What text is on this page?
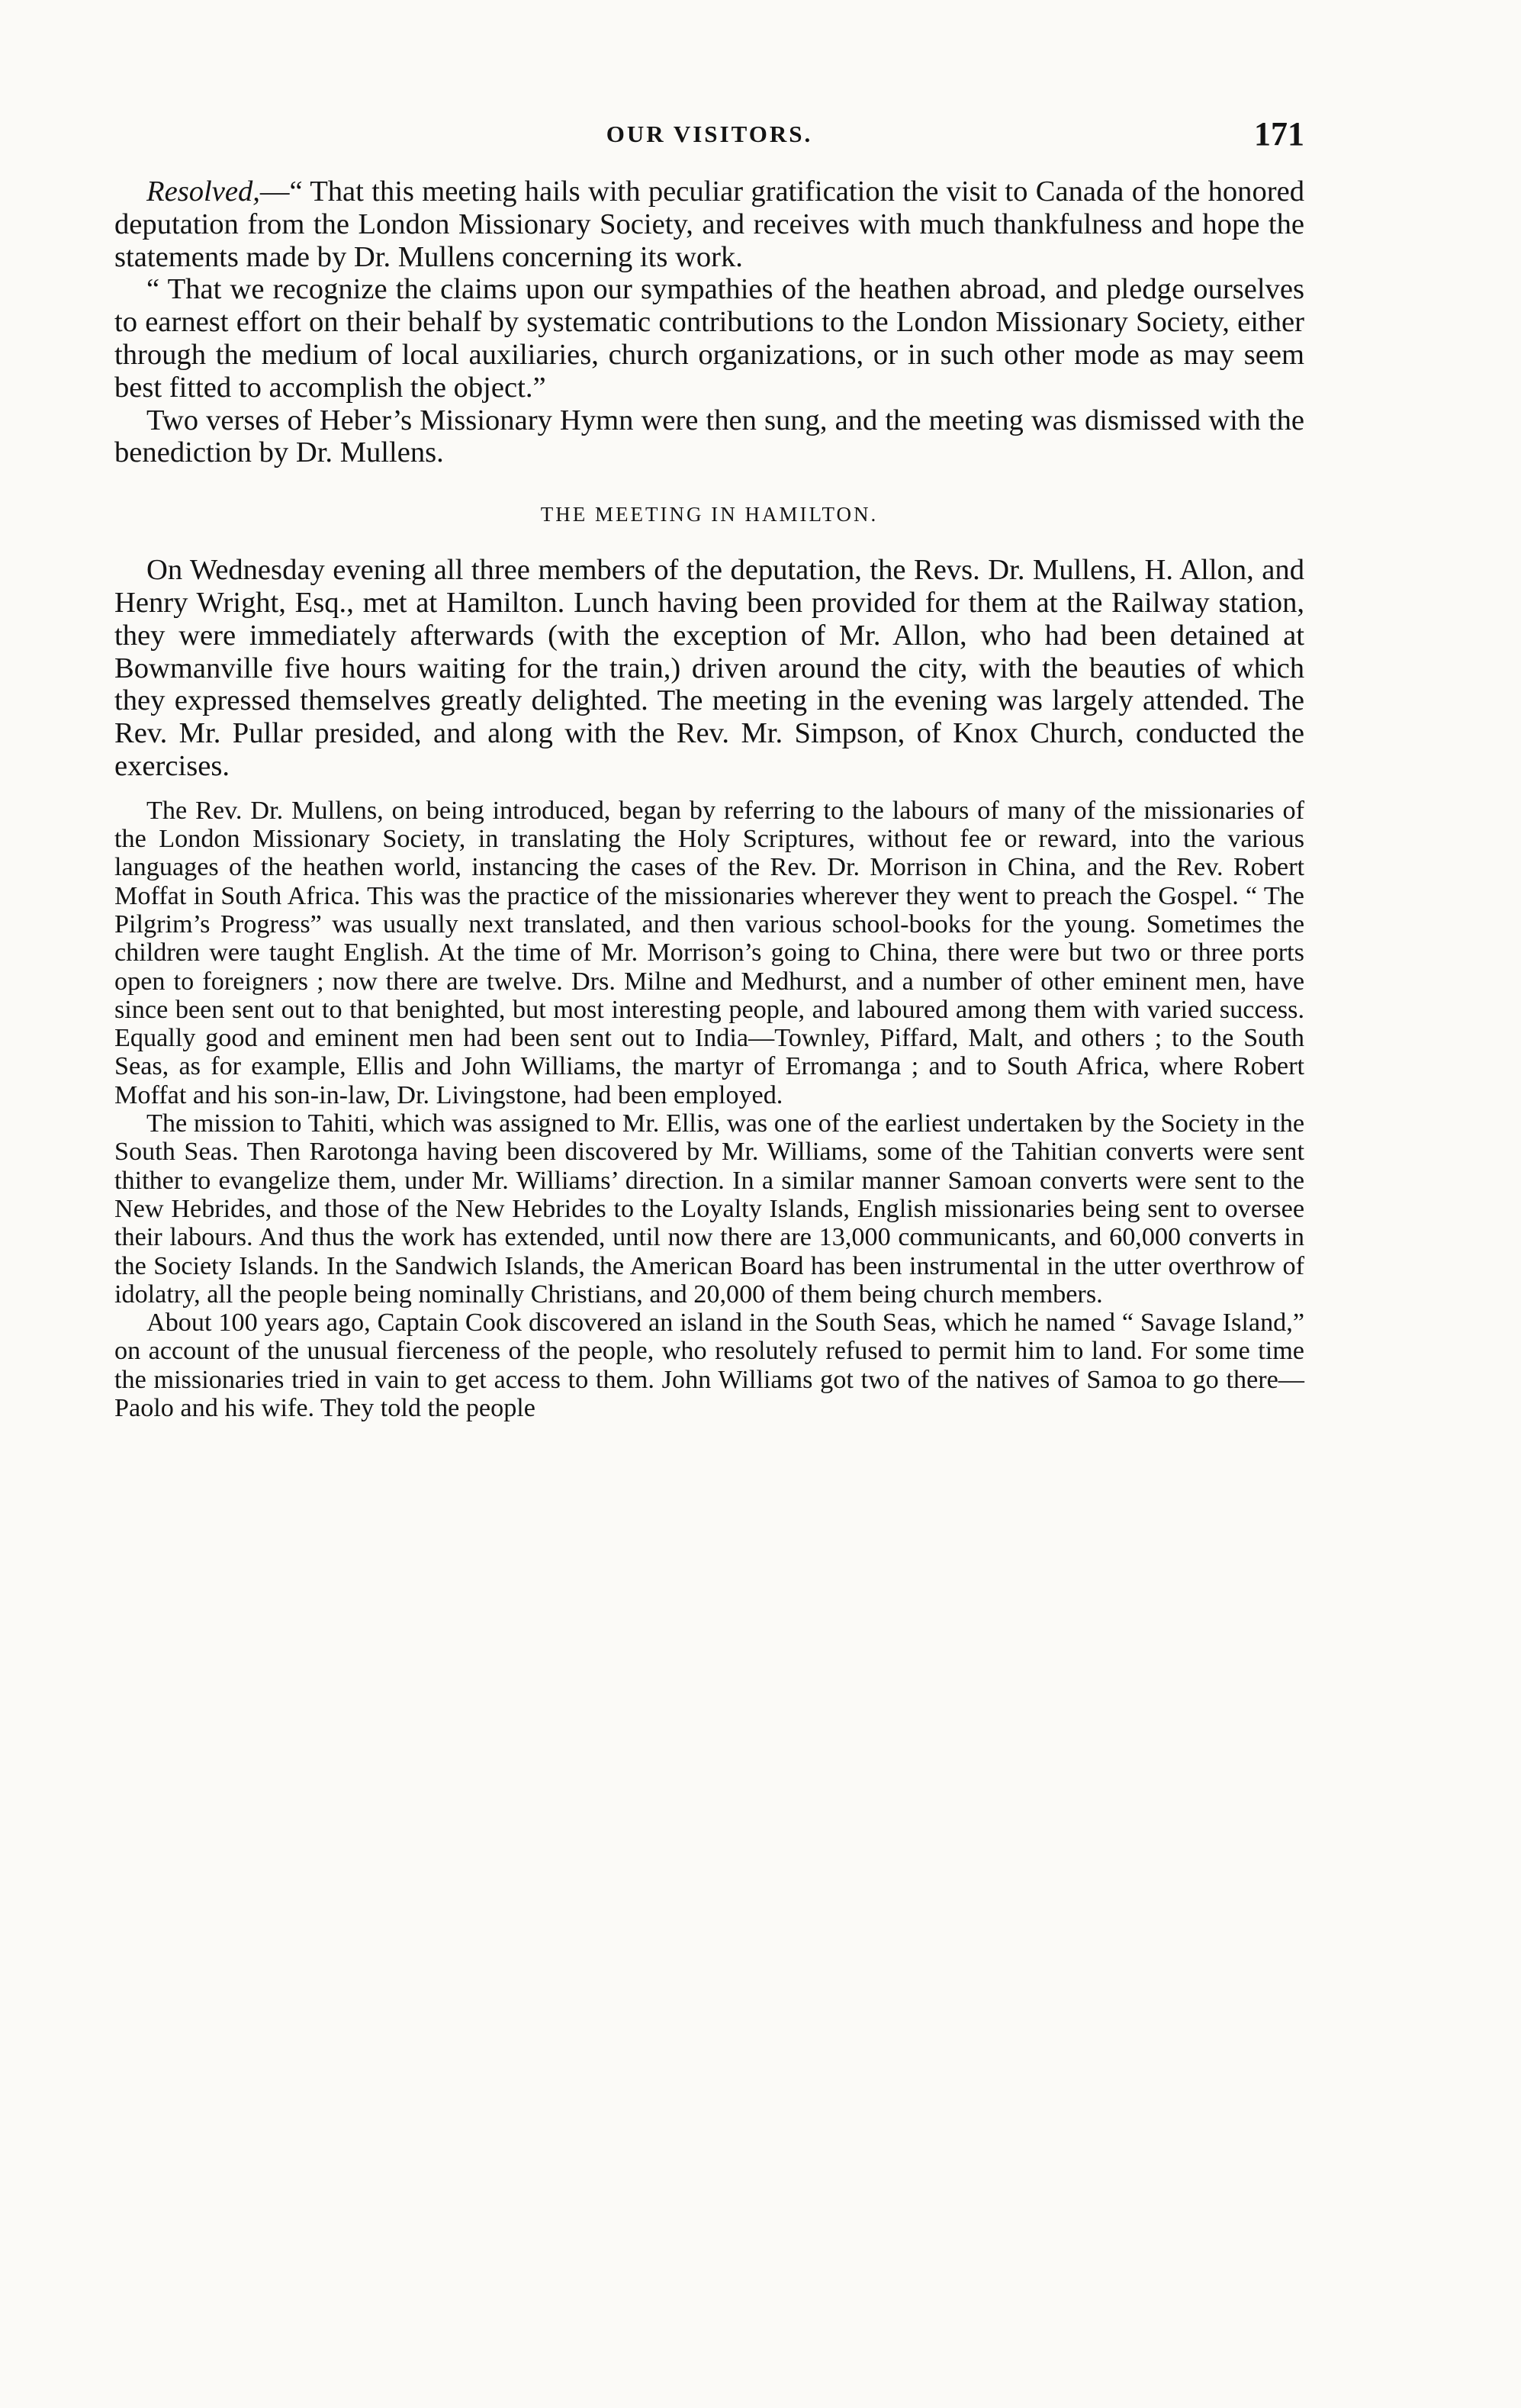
OUR VISITORS.	171

Resolved,—“ That this meeting hails with peculiar gratification the visit to Canada of the honored deputation from the London Missionary Society, and receives with much thankfulness and hope the statements made by Dr. Mullens concerning its work.

“ That we recognize the claims upon our sympathies of the heathen abroad, and pledge ourselves to earnest effort on their behalf by systematic contributions to the London Missionary Society, either through the medium of local auxiliaries, church organizations, or in such other mode as may seem best fitted to accomplish the object.”

Two verses of Heber’s Missionary Hymn were then sung, and the meeting was dismissed with the benediction by Dr. Mullens.

THE MEETING IN HAMILTON.

On Wednesday evening all three members of the deputation, the Revs. Dr. Mullens, H. Allon, and Henry Wright, Esq., met at Hamilton. Lunch having been provided for them at the Railway station, they were immediately afterwards (with the exception of Mr. Allon, who had been detained at Bowmanville five hours waiting for the train,) driven around the city, with the beauties of which they expressed themselves greatly delighted. The meeting in the evening was largely attended. The Rev. Mr. Pullar presided, and along with the Rev. Mr. Simpson, of Knox Church, conducted the exercises.

The Rev. Dr. Mullens, on being introduced, began by referring to the labours of many of the missionaries of the London Missionary Society, in translating the Holy Scriptures, without fee or reward, into the various languages of the heathen world, instancing the cases of the Rev. Dr. Morrison in China, and the Rev. Robert Moffat in South Africa. This was the practice of the missionaries wherever they went to preach the Gospel. “ The Pilgrim’s Progress” was usually next translated, and then various school-books for the young. Sometimes the children were taught English. At the time of Mr. Morrison’s going to China, there were but two or three ports open to foreigners ; now there are twelve. Drs. Milne and Medhurst, and a number of other eminent men, have since been sent out to that benighted, but most interesting people, and laboured among them with varied success. Equally good and eminent men had been sent out to India—Townley, Piffard, Malt, and others ; to the South Seas, as for example, Ellis and John Williams, the martyr of Erromanga ; and to South Africa, where Robert Moffat and his son-in-law, Dr. Livingstone, had been employed.

The mission to Tahiti, which was assigned to Mr. Ellis, was one of the earliest undertaken by the Society in the South Seas. Then Rarotonga having been discovered by Mr. Williams, some of the Tahitian converts were sent thither to evangelize them, under Mr. Williams’ direction. In a similar manner Samoan converts were sent to the New Hebrides, and those of the New Hebrides to the Loyalty Islands, English missionaries being sent to oversee their labours. And thus the work has extended, until now there are 13,000 communicants, and 60,000 converts in the Society Islands. In the Sandwich Islands, the American Board has been instrumental in the utter overthrow of idolatry, all the people being nominally Christians, and 20,000 of them being church members.

About 100 years ago, Captain Cook discovered an island in the South Seas, which he named “ Savage Island,” on account of the unusual fierceness of the people, who resolutely refused to permit him to land. For some time the missionaries tried in vain to get access to them. John Williams got two of the natives of Samoa to go there—Paolo and his wife. They told the people
